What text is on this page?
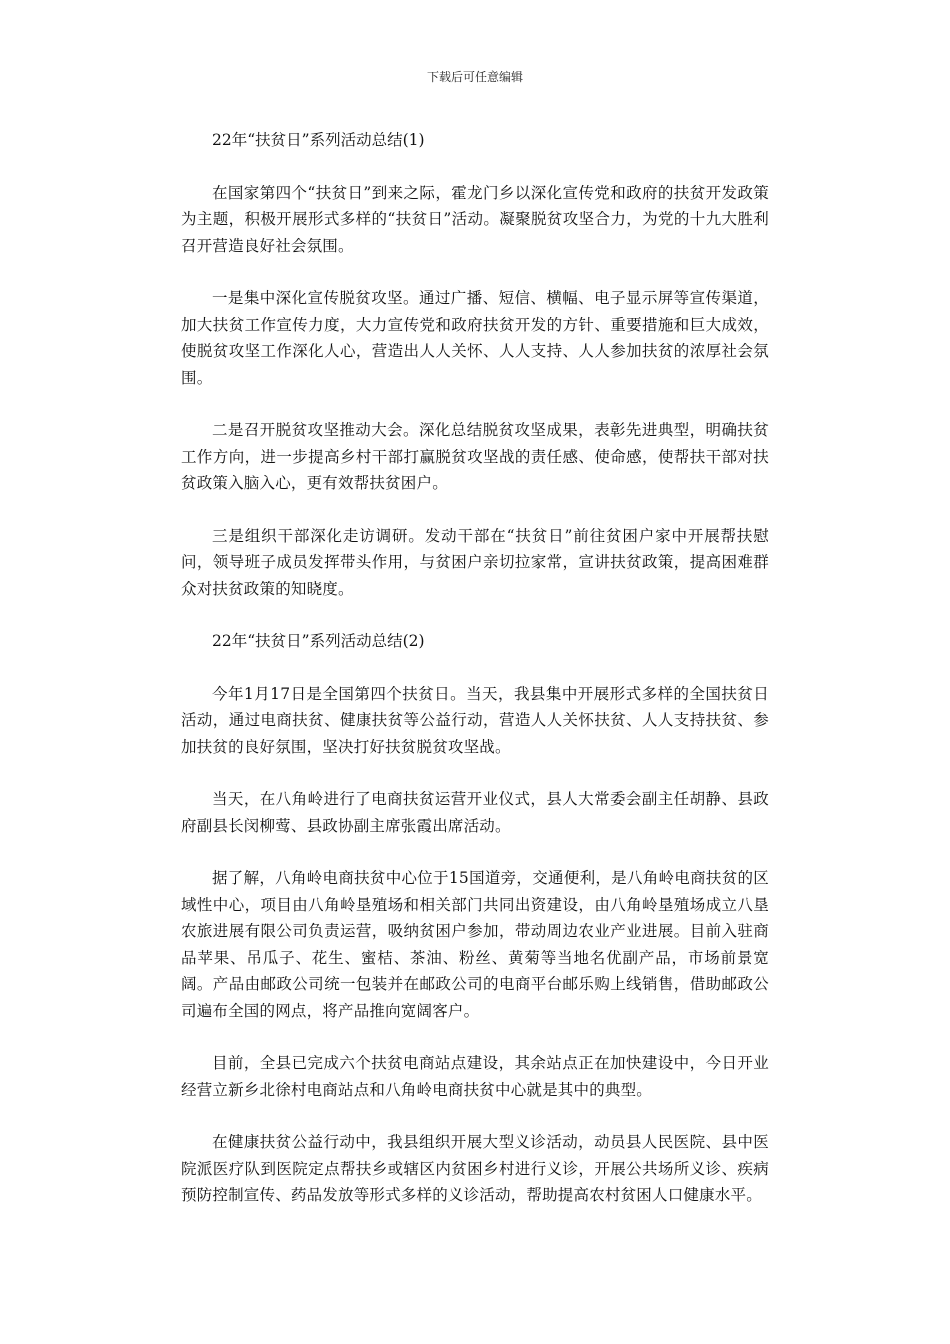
下载后可任意编辑

22年“扶贫日”系列活动总结(1)

在国家第四个“扶贫日”到来之际，霍龙门乡以深化宣传党和政府的扶贫开发政策为主题，积极开展形式多样的“扶贫日”活动。凝聚脱贫攻坚合力，为党的十九大胜利召开营造良好社会氛围。

一是集中深化宣传脱贫攻坚。通过广播、短信、横幅、电子显示屏等宣传渠道，加大扶贫工作宣传力度，大力宣传党和政府扶贫开发的方针、重要措施和巨大成效，使脱贫攻坚工作深化人心，营造出人人关怀、人人支持、人人参加扶贫的浓厚社会氛围。

二是召开脱贫攻坚推动大会。深化总结脱贫攻坚成果，表彰先进典型，明确扶贫工作方向，进一步提高乡村干部打赢脱贫攻坚战的责任感、使命感，使帮扶干部对扶贫政策入脑入心，更有效帮扶贫困户。

三是组织干部深化走访调研。发动干部在“扶贫日”前往贫困户家中开展帮扶慰问，领导班子成员发挥带头作用，与贫困户亲切拉家常，宣讲扶贫政策，提高困难群众对扶贫政策的知晓度。

22年“扶贫日”系列活动总结(2)

今年1月17日是全国第四个扶贫日。当天，我县集中开展形式多样的全国扶贫日活动，通过电商扶贫、健康扶贫等公益行动，营造人人关怀扶贫、人人支持扶贫、参加扶贫的良好氛围，坚决打好扶贫脱贫攻坚战。

当天，在八角岭进行了电商扶贫运营开业仪式，县人大常委会副主任胡静、县政府副县长闵柳莺、县政协副主席张霞出席活动。

据了解，八角岭电商扶贫中心位于15国道旁，交通便利，是八角岭电商扶贫的区域性中心，项目由八角岭垦殖场和相关部门共同出资建设，由八角岭垦殖场成立八垦农旅进展有限公司负责运营，吸纳贫困户参加，带动周边农业产业进展。目前入驻商品苹果、吊瓜子、花生、蜜桔、茶油、粉丝、黄菊等当地名优副产品，市场前景宽阔。产品由邮政公司统一包装并在邮政公司的电商平台邮乐购上线销售，借助邮政公司遍布全国的网点，将产品推向宽阔客户。

目前，全县已完成六个扶贫电商站点建设，其余站点正在加快建设中，今日开业经营立新乡北徐村电商站点和八角岭电商扶贫中心就是其中的典型。

在健康扶贫公益行动中，我县组织开展大型义诊活动，动员县人民医院、县中医院派医疗队到医院定点帮扶乡或辖区内贫困乡村进行义诊，开展公共场所义诊、疾病预防控制宣传、药品发放等形式多样的义诊活动，帮助提高农村贫困人口健康水平。
